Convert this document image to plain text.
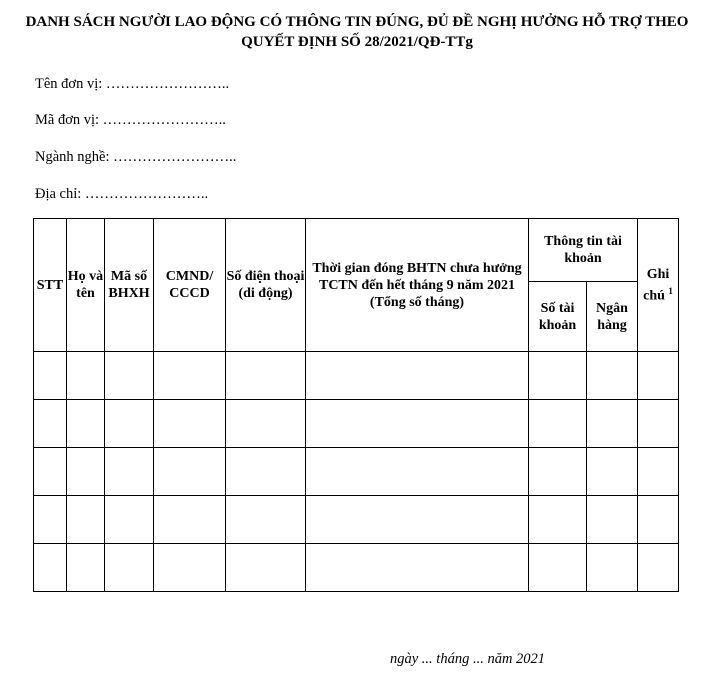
DANH SÁCH NGƯỜI LAO ĐỘNG CÓ THÔNG TIN ĐÚNG, ĐỦ ĐỀ NGHỊ HƯỞNG HỖ TRỢ THEO QUYẾT ĐỊNH SỐ 28/2021/QĐ-TTg
Tên đơn vị: ……………………..
Mã đơn vị: ……………………..
Ngành nghề: ……………………..
Địa chỉ: ……………………..
STT	Họ và tên	Mã số BHXH	CMND/ CCCD	Số điện thoại (di động)	Thời gian đóng BHTN chưa hưởng TCTN đến hết tháng 9 năm 2021 (Tổng số tháng)	Thông tin tài khoản		Ghi chú $^1$
						Số tài khoản	Ngân hàng	

ngày ... tháng ... năm 2021
